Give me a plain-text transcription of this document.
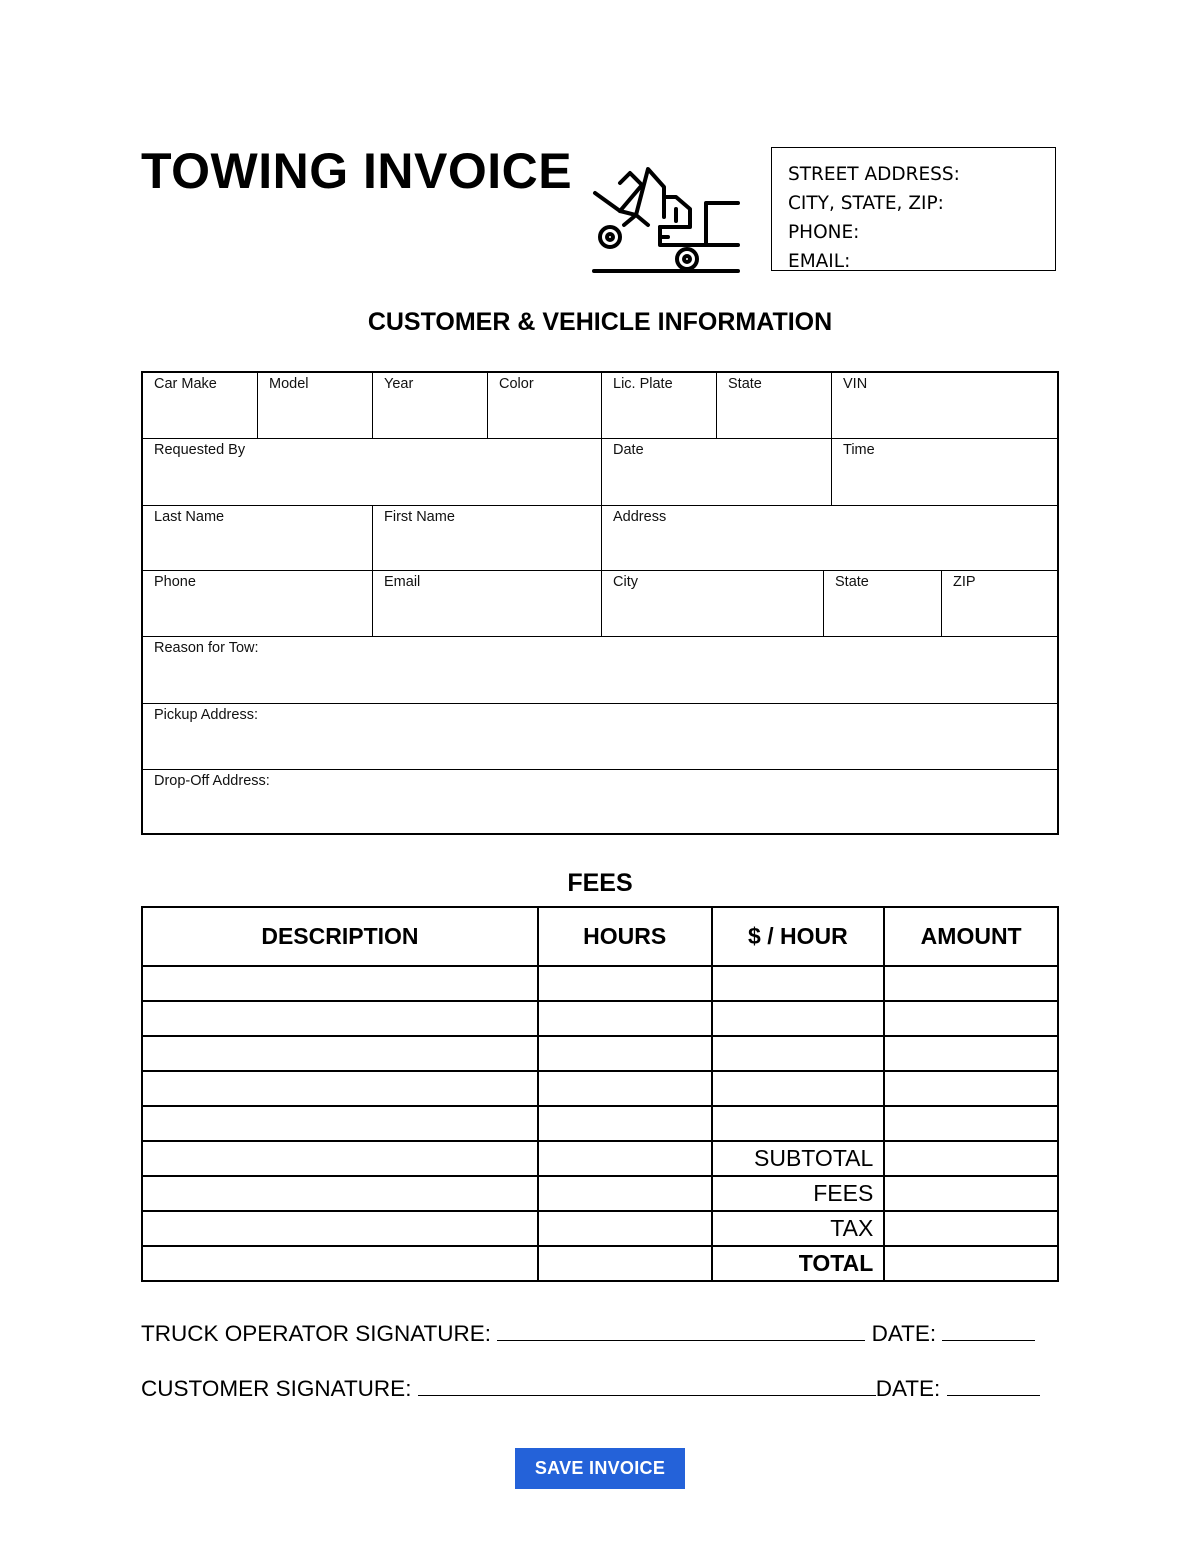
TOWING INVOICE	STREET ADDRESS:
CITY, STATE, ZIP:
PHONE:
EMAIL:
CUSTOMER & VEHICLE INFORMATION
Car Make	Model	Year	Color	Lic. Plate	State	VIN
Requested By	Date	Time
Last Name	First Name	Address
Phone	Email	City	State	ZIP
Reason for Tow:
Pickup Address:
Drop-Off Address:
FEES
DESCRIPTION	HOURS	$ / HOUR	AMOUNT

		SUBTOTAL	
		FEES	
		TAX	
		TOTAL	
TRUCK OPERATOR SIGNATURE:	DATE:
CUSTOMER SIGNATURE:	DATE:
SAVE INVOICE
